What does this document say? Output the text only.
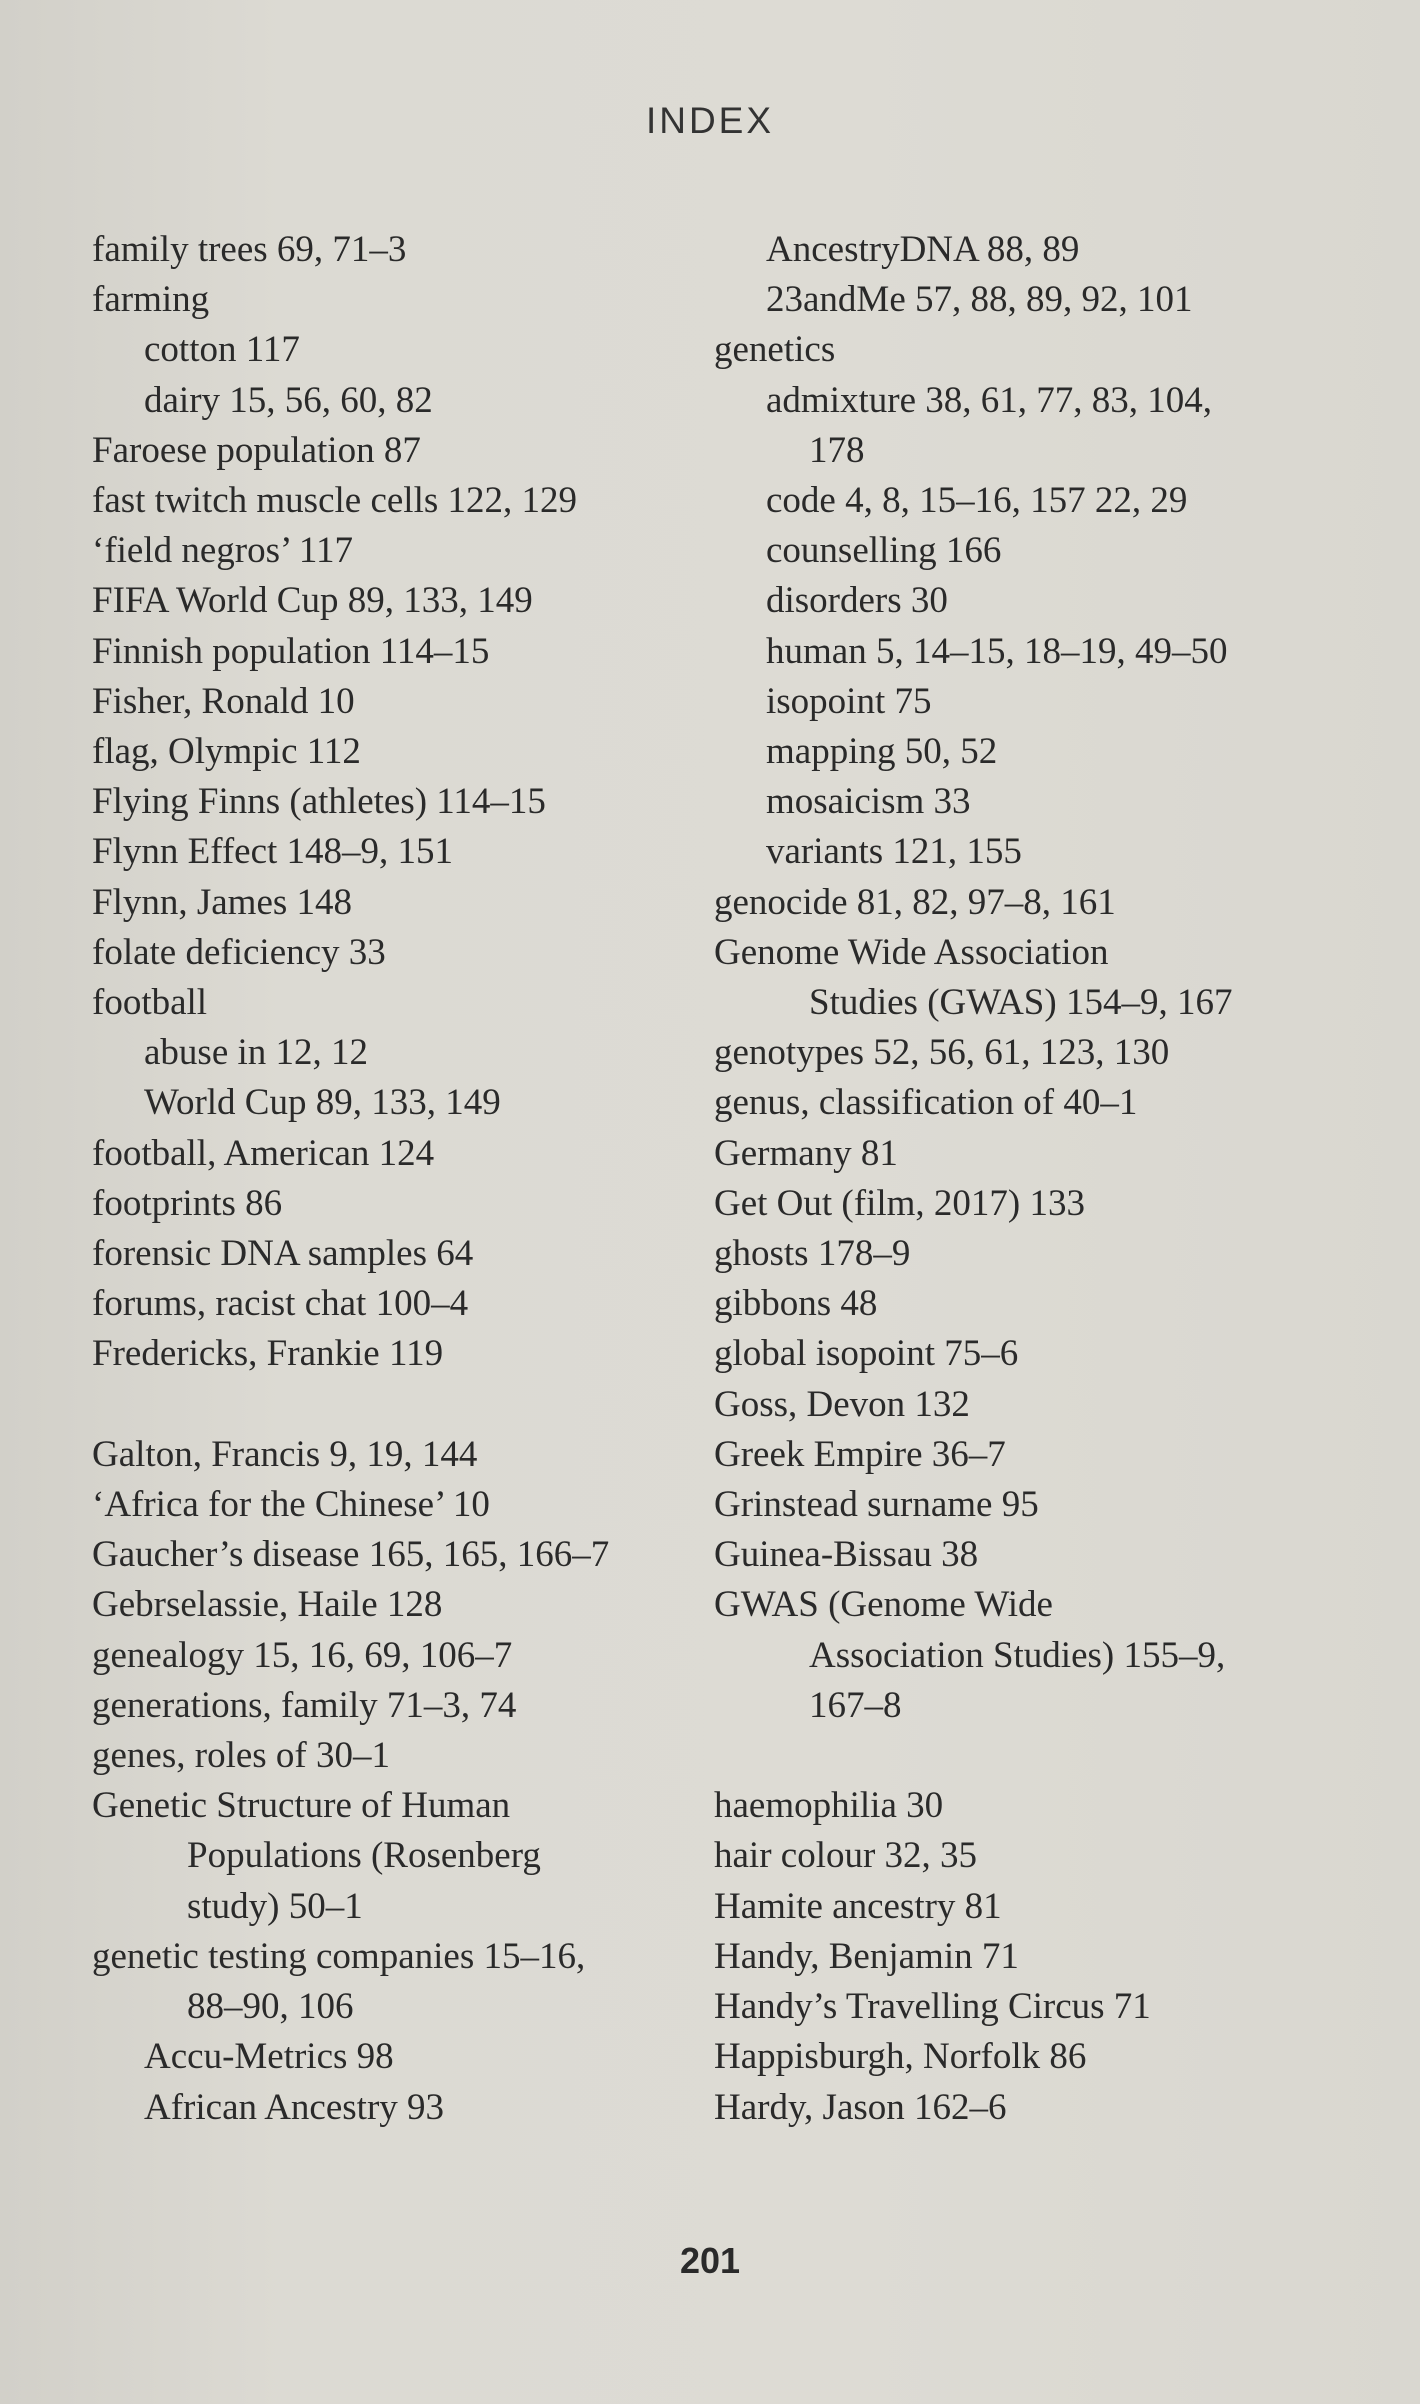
INDEX
family trees 69, 71–3
farming
cotton 117
dairy 15, 56, 60, 82
Faroese population 87
fast twitch muscle cells 122, 129
‘field negros’ 117
FIFA World Cup 89, 133, 149
Finnish population 114–15
Fisher, Ronald 10
flag, Olympic 112
Flying Finns (athletes) 114–15
Flynn Effect 148–9, 151
Flynn, James 148
folate deficiency 33
football
abuse in 12, 12
World Cup 89, 133, 149
football, American 124
footprints 86
forensic DNA samples 64
forums, racist chat 100–4
Fredericks, Frankie 119
Galton, Francis 9, 19, 144
‘Africa for the Chinese’ 10
Gaucher’s disease 165, 165, 166–7
Gebrselassie, Haile 128
genealogy 15, 16, 69, 106–7
generations, family 71–3, 74
genes, roles of 30–1
Genetic Structure of Human
Populations (Rosenberg
study) 50–1
genetic testing companies 15–16,
88–90, 106
Accu-Metrics 98
African Ancestry 93
AncestryDNA 88, 89
23andMe 57, 88, 89, 92, 101
genetics
admixture 38, 61, 77, 83, 104,
178
code 4, 8, 15–16, 157 22, 29
counselling 166
disorders 30
human 5, 14–15, 18–19, 49–50
isopoint 75
mapping 50, 52
mosaicism 33
variants 121, 155
genocide 81, 82, 97–8, 161
Genome Wide Association
Studies (GWAS) 154–9, 167
genotypes 52, 56, 61, 123, 130
genus, classification of 40–1
Germany 81
Get Out (film, 2017) 133
ghosts 178–9
gibbons 48
global isopoint 75–6
Goss, Devon 132
Greek Empire 36–7
Grinstead surname 95
Guinea-Bissau 38
GWAS (Genome Wide
Association Studies) 155–9,
167–8
haemophilia 30
hair colour 32, 35
Hamite ancestry 81
Handy, Benjamin 71
Handy’s Travelling Circus 71
Happisburgh, Norfolk 86
Hardy, Jason 162–6
201
